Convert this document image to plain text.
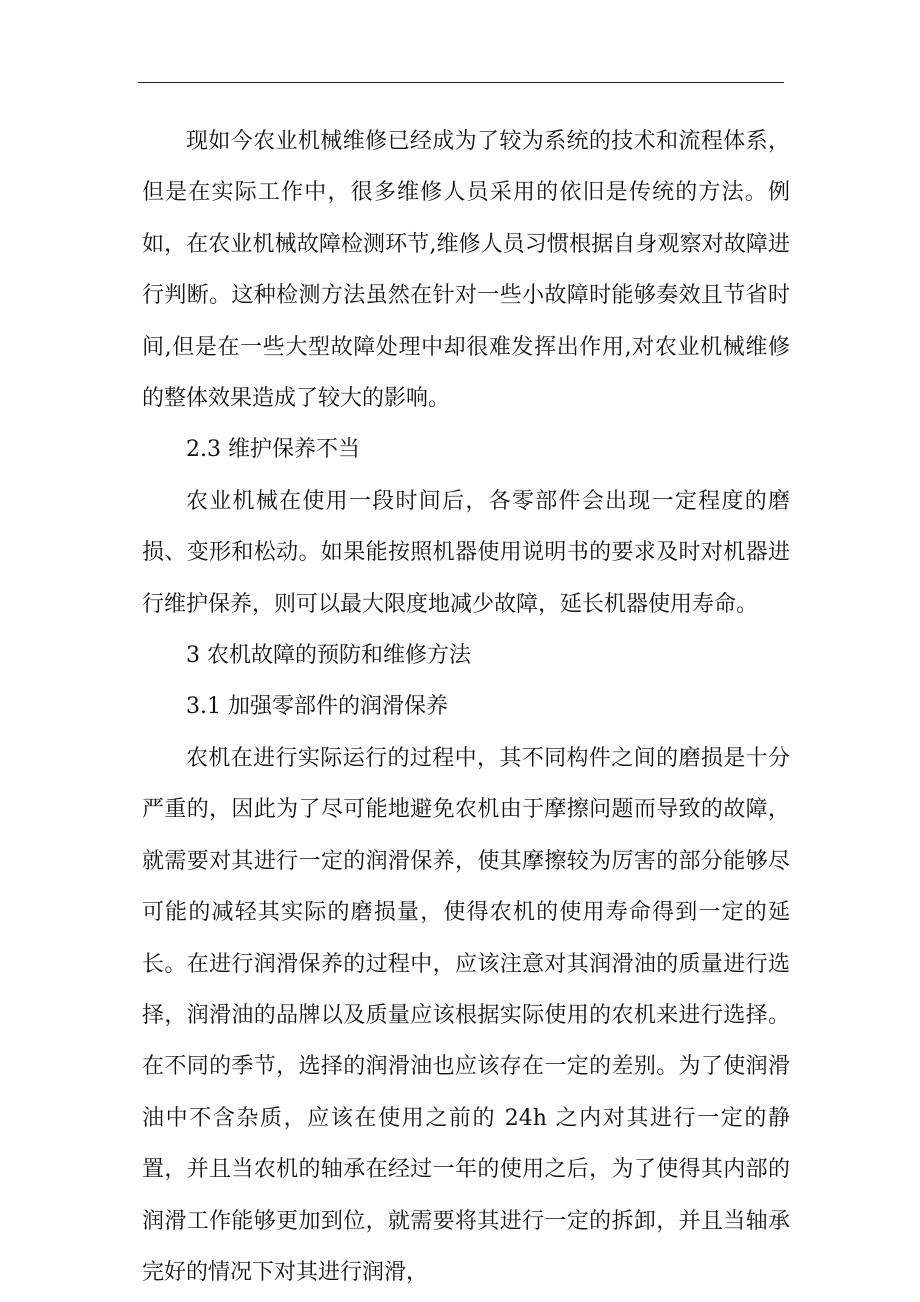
现如今农业机械维修已经成为了较为系统的技术和流程体系，但是在实际工作中，很多维修人员采用的依旧是传统的方法。例如，在农业机械故障检测环节,维修人员习惯根据自身观察对故障进行判断。这种检测方法虽然在针对一些小故障时能够奏效且节省时间,但是在一些大型故障处理中却很难发挥出作用,对农业机械维修的整体效果造成了较大的影响。

2.3 维护保养不当

农业机械在使用一段时间后，各零部件会出现一定程度的磨损、变形和松动。如果能按照机器使用说明书的要求及时对机器进行维护保养，则可以最大限度地减少故障，延长机器使用寿命。

3 农机故障的预防和维修方法

3.1 加强零部件的润滑保养

农机在进行实际运行的过程中，其不同构件之间的磨损是十分严重的，因此为了尽可能地避免农机由于摩擦问题而导致的故障，就需要对其进行一定的润滑保养，使其摩擦较为厉害的部分能够尽可能的减轻其实际的磨损量，使得农机的使用寿命得到一定的延长。在进行润滑保养的过程中，应该注意对其润滑油的质量进行选择，润滑油的品牌以及质量应该根据实际使用的农机来进行选择。在不同的季节，选择的润滑油也应该存在一定的差别。为了使润滑油中不含杂质，应该在使用之前的 24h 之内对其进行一定的静置，并且当农机的轴承在经过一年的使用之后，为了使得其内部的润滑工作能够更加到位，就需要将其进行一定的拆卸，并且当轴承完好的情况下对其进行润滑，
